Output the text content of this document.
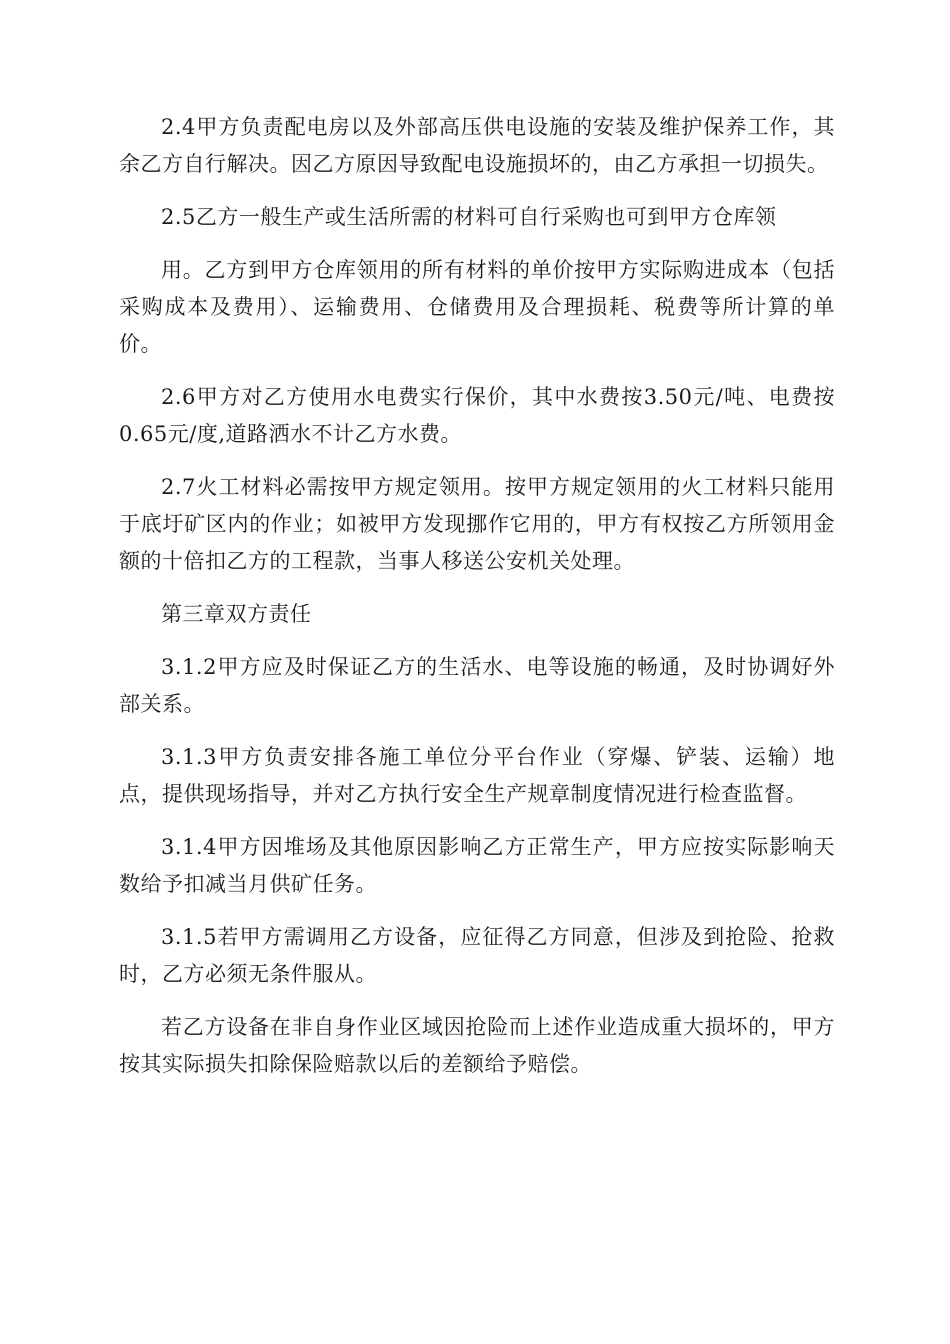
2.4甲方负责配电房以及外部高压供电设施的安装及维护保养工作，其余乙方自行解决。因乙方原因导致配电设施损坏的，由乙方承担一切损失。

2.5乙方一般生产或生活所需的材料可自行采购也可到甲方仓库领

用。乙方到甲方仓库领用的所有材料的单价按甲方实际购进成本（包括采购成本及费用）、运输费用、仓储费用及合理损耗、税费等所计算的单价。

2.6甲方对乙方使用水电费实行保价，其中水费按3.50元/吨、电费按0.65元/度,道路洒水不计乙方水费。

2.7火工材料必需按甲方规定领用。按甲方规定领用的火工材料只能用于底圩矿区内的作业；如被甲方发现挪作它用的，甲方有权按乙方所领用金额的十倍扣乙方的工程款，当事人移送公安机关处理。

第三章双方责任

3.1.2甲方应及时保证乙方的生活水、电等设施的畅通，及时协调好外部关系。

3.1.3甲方负责安排各施工单位分平台作业（穿爆、铲装、运输）地点，提供现场指导，并对乙方执行安全生产规章制度情况进行检查监督。

3.1.4甲方因堆场及其他原因影响乙方正常生产，甲方应按实际影响天数给予扣减当月供矿任务。

3.1.5若甲方需调用乙方设备，应征得乙方同意，但涉及到抢险、抢救时，乙方必须无条件服从。

若乙方设备在非自身作业区域因抢险而上述作业造成重大损坏的，甲方按其实际损失扣除保险赔款以后的差额给予赔偿。
